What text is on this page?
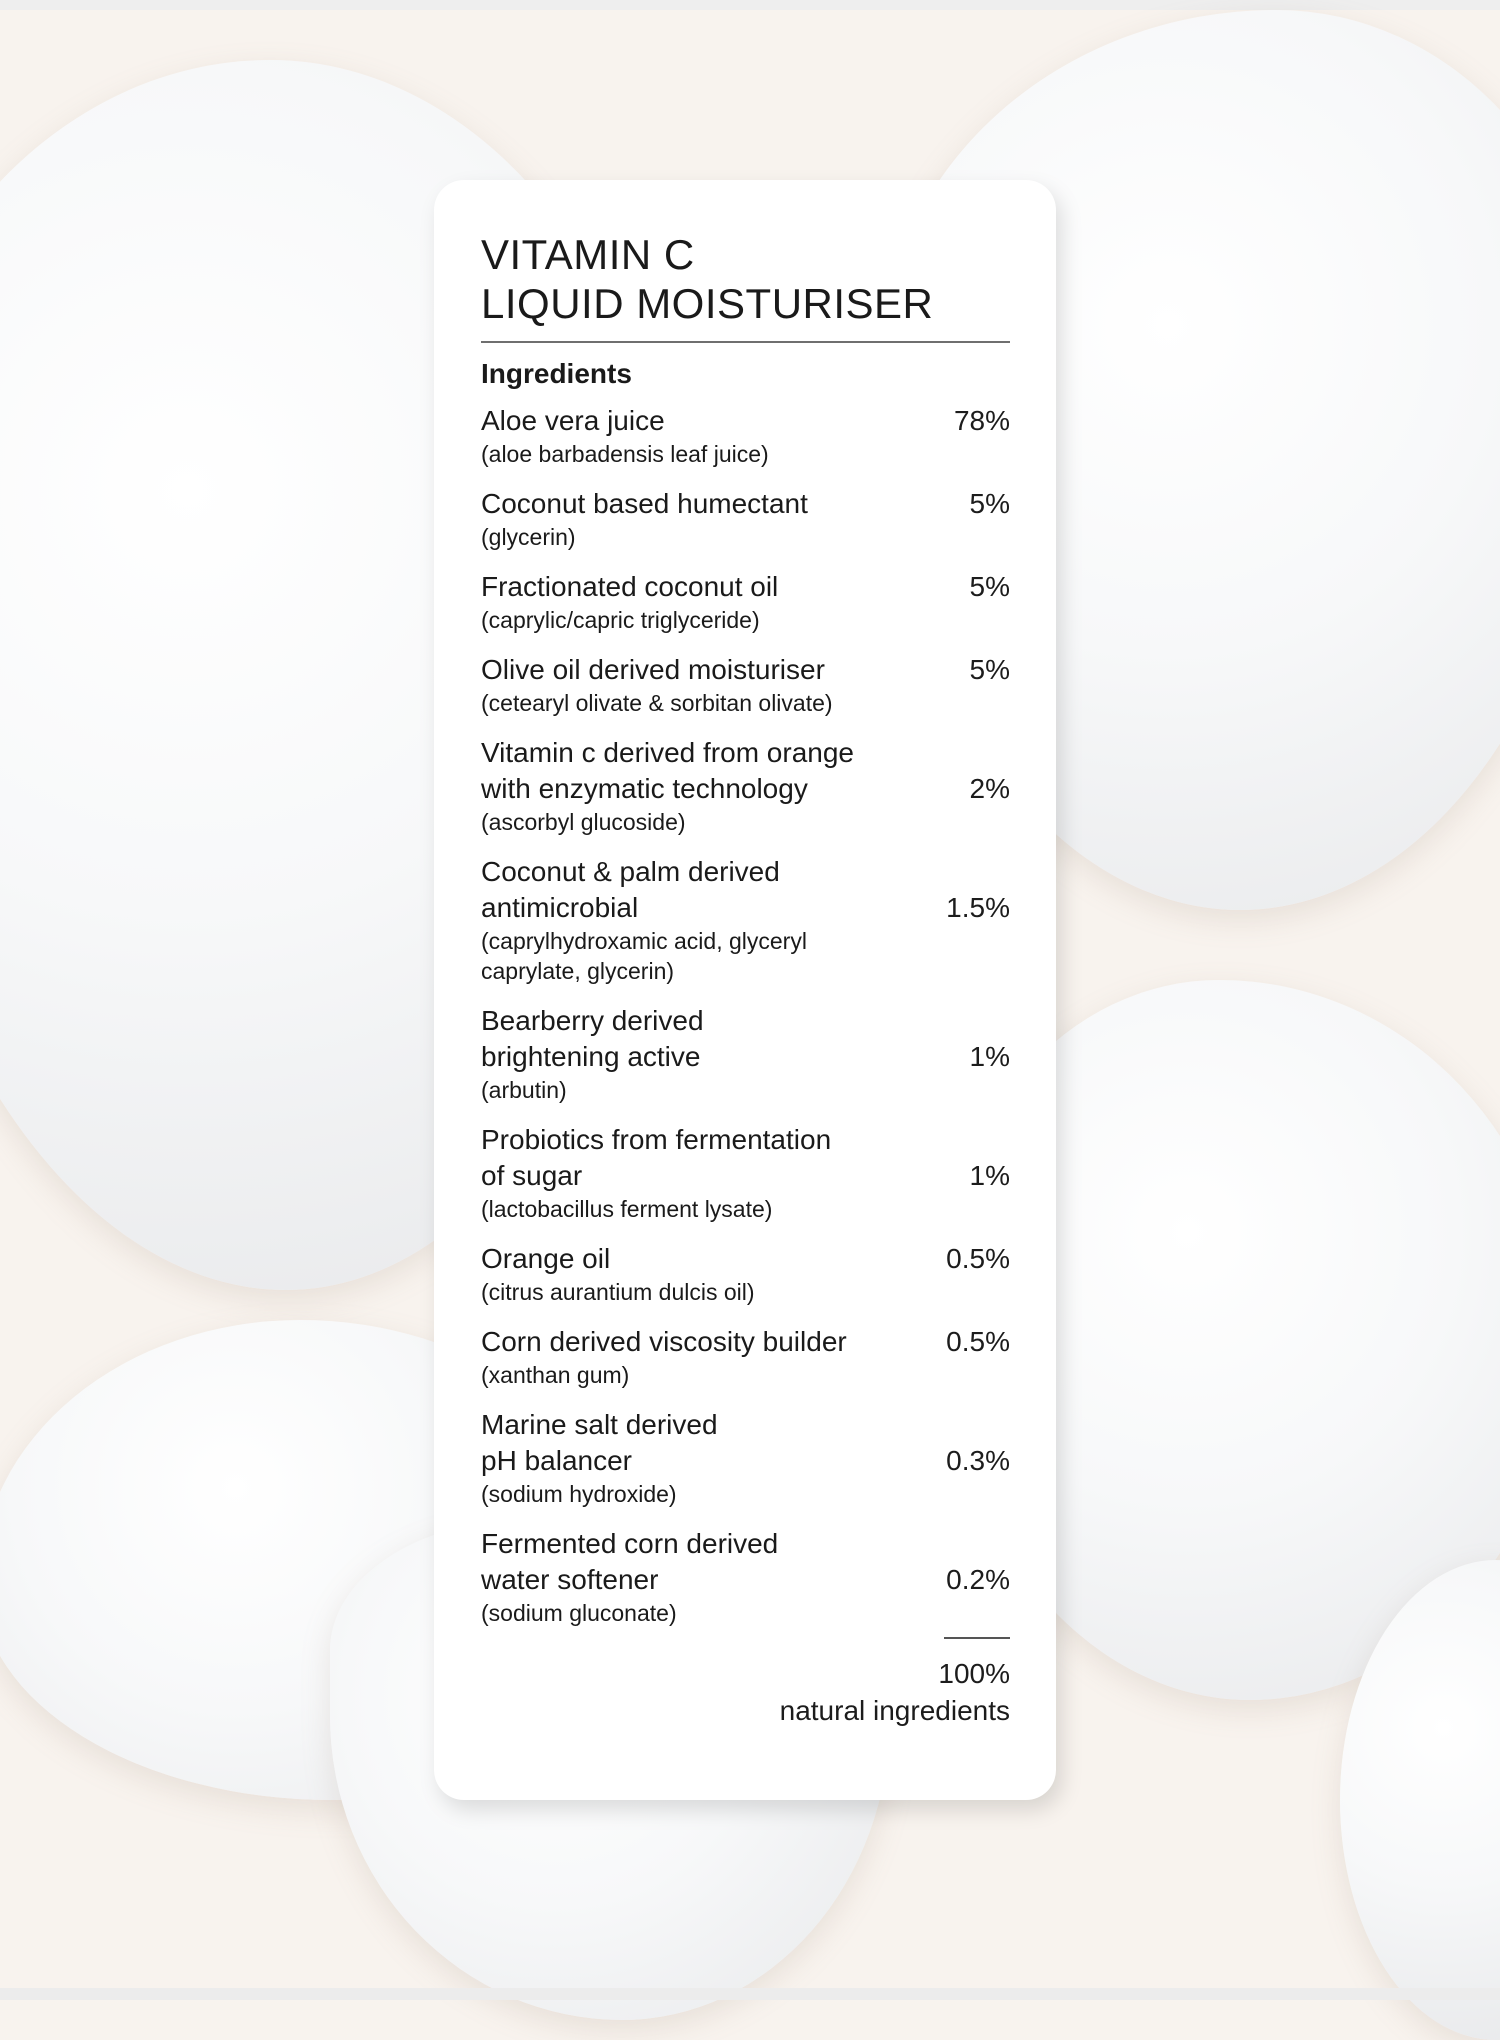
VITAMIN C
LIQUID MOISTURISER
Ingredients
Aloe vera juice
(aloe barbadensis leaf juice)
78%
Coconut based humectant
(glycerin)
5%
Fractionated coconut oil
(caprylic/capric triglyceride)
5%
Olive oil derived moisturiser
(cetearyl olivate & sorbitan olivate)
5%
Vitamin c derived from orange
with enzymatic technology
(ascorbyl glucoside)
2%
Coconut & palm derived
antimicrobial
(caprylhydroxamic acid, glyceryl
caprylate, glycerin)
1.5%
Bearberry derived
brightening active
(arbutin)
1%
Probiotics from fermentation
of sugar
(lactobacillus ferment lysate)
1%
Orange oil
(citrus aurantium dulcis oil)
0.5%
Corn derived viscosity builder
(xanthan gum)
0.5%
Marine salt derived
pH balancer
(sodium hydroxide)
0.3%
Fermented corn derived
water softener
(sodium gluconate)
0.2%
100%
natural ingredients
